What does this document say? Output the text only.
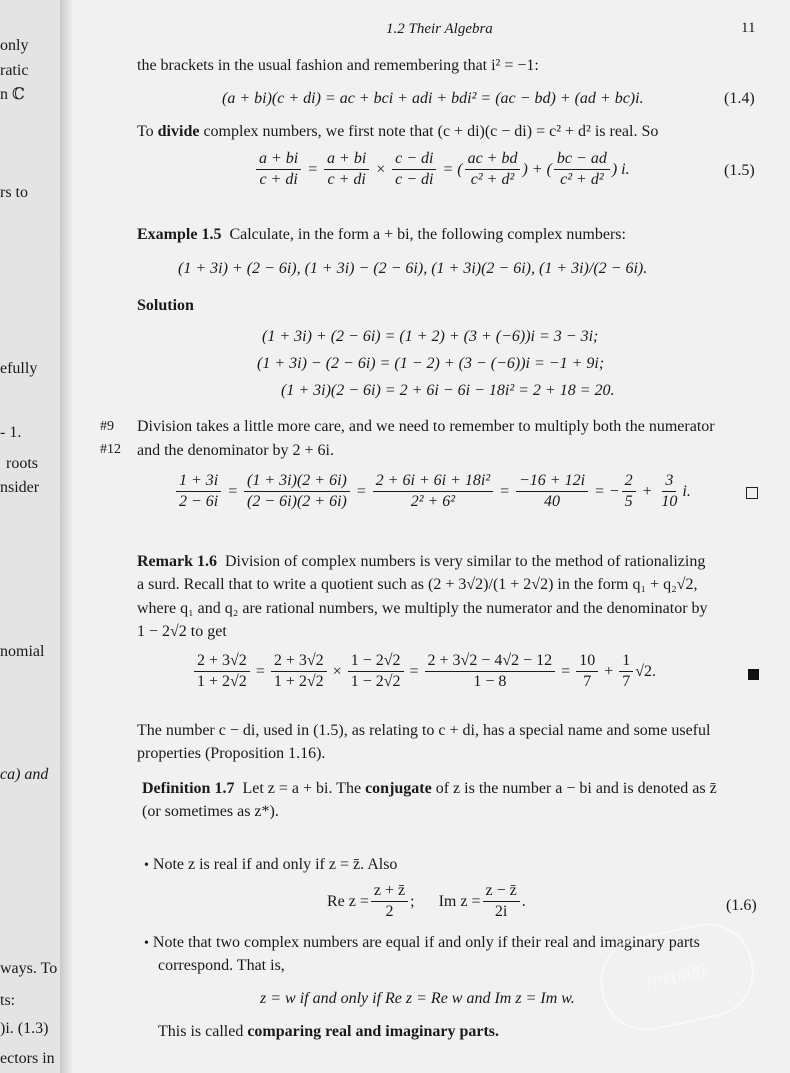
only
ratic
n ℂ
rs to
efully
- 1.
roots
nsider
nomial
ca) and
ways. To
ts:
)i. (1.3)
ectors in
1.2 Their Algebra	11
the brackets in the usual fashion and remembering that i² = −1:
(a + bi)(c + di) = ac + bci + adi + bdi² = (ac − bd) + (ad + bc)i.	(1.4)
To divide complex numbers, we first note that (c + di)(c − di) = c² + d² is real. So
$\frac{a + bi}{c + di} = \frac{a + bi}{c + di} \times \frac{c - di}{c - di}$ = ( $\frac{ac + bd}{\text{c² + d²}}$ ) + ( $\frac{bc - ad}{\text{c² + d²}}$ ) i.	(1.5)
Example 1.5 Calculate, in the form a + bi, the following complex numbers:
(1 + 3i) + (2 − 6i), (1 + 3i) − (2 − 6i), (1 + 3i)(2 − 6i), (1 + 3i)/(2 − 6i).
Solution
(1 + 3i) + (2 − 6i) = (1 + 2) + (3 + (−6))i = 3 − 3i;
(1 + 3i) − (2 − 6i) = (1 − 2) + (3 − (−6))i = −1 + 9i;
(1 + 3i)(2 − 6i) = 2 + 6i − 6i − 18i² = 2 + 18 = 20.
#9
#12
Division takes a little more care, and we need to remember to multiply both the numerator
and the denominator by 2 + 6i.
$\frac{1 + 3i}{2 - 6i} = \frac{(1 + 3i)(2 + 6i)}{(2 - 6i)(2 + 6i)} = \frac{\text{2 + 6i + 6i + 18i²}}{\text{2² + 6²}} = \frac{-16 + 12i}{40}$ = − $\frac{2}{5} + \frac{3}{10} i$.
Remark 1.6 Division of complex numbers is very similar to the method of rationalizing
a surd. Recall that to write a quotient such as (2 + 3√2)/(1 + 2√2) in the form q₁ + q₂√2,
where q₁ and q₂ are rational numbers, we multiply the numerator and the denominator by
1 − 2√2 to get
$\frac{2 + 3√2}{1 + 2√2} = \frac{2 + 3√2}{1 + 2√2} \times \frac{1 - 2√2}{1 - 2√2} = \frac{2 + 3√2 - 4√2 - 12}{1 - 8} = \frac{10}{7} + \frac{1}{7} √2$.
The number c − di, used in (1.5), as relating to c + di, has a special name and some useful
properties (Proposition 1.16).
Definition 1.7 Let z = a + bi. The conjugate of z is the number a − bi and is denoted as z̄
(or sometimes as z*).
• Note z is real if and only if z = z̄. Also
Re $z = \frac{z + z̄}{2}$ ; Im $z = \frac{z - z̄}{2i}$ .	(1.6)
• Note that two complex numbers are equal if and only if their real and imaginary parts
correspond. That is,
z = w if and only if Re z = Re w and Im z = Im w.
This is called comparing real and imaginary parts.
中商原版
